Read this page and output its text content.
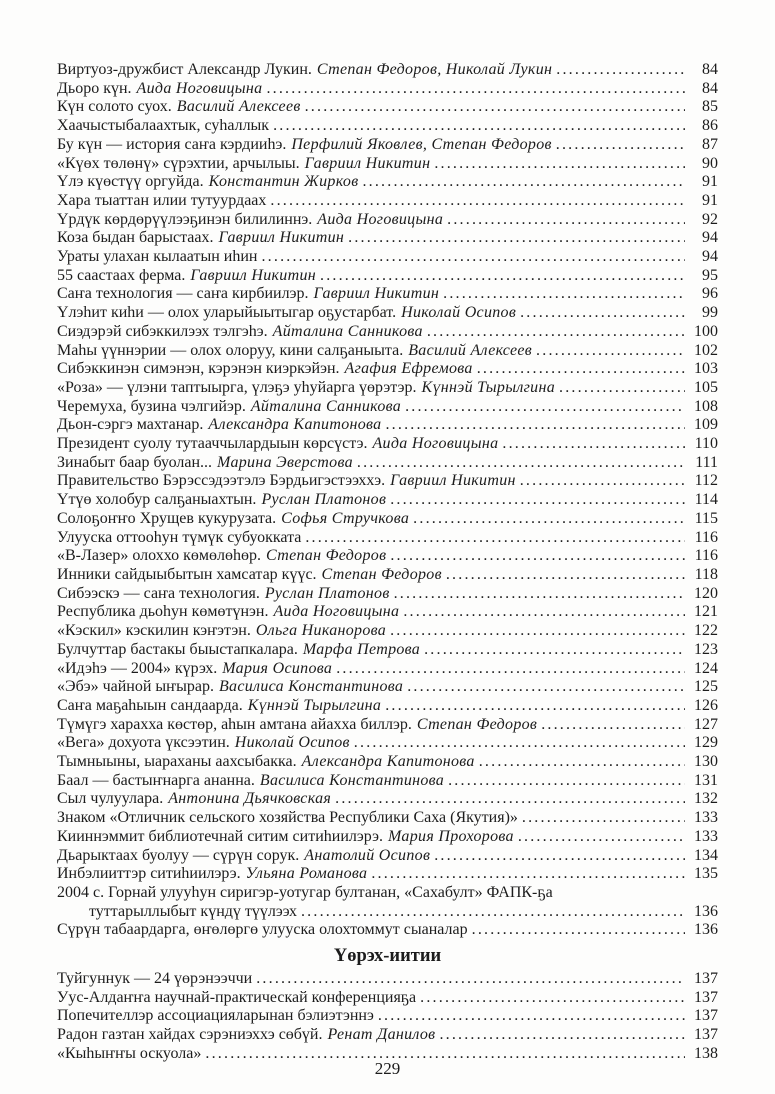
Виртуоз-дружбист Александр Лукин. Степан Федоров, Николай Лукин .....	84
Дьоро күн. Аида Ноговицына .....	84
Күн солото суох. Василий Алексеев .....	85
Хаачыстыбалаахтык, суһаллык .....	86
Бу күн — история саҥа кэрдииһэ. Перфилий Яковлев, Степан Федоров .....	87
«Күөх төлөнү» сүрэхтии, арчылыы. Гавриил Никитин .....	90
Үлэ күөстүү оргуйда. Константин Жирков .....	91
Хара тыаттан илии тутуурдаах .....	91
Үрдүк көрдөрүүлээҕинэн билилиннэ. Аида Ноговицына .....	92
Коза быдан барыстаах. Гавриил Никитин .....	94
Ураты улахан кылаатын иһин .....	94
55 саастаах ферма. Гавриил Никитин .....	95
Саҥа технология — саҥа кирбиилэр. Гавриил Никитин .....	96
Үлэһит киһи — олох уларыйыытыгар оҕустарбат. Николай Осипов .....	99
Сиэдэрэй сибэккилээх тэлгэһэ. Айталина Санникова .....	100
Маһы үүннэрии — олох олоруу, кини салҕаныыта. Василий Алексеев .....	102
Сибэккинэн симэнэн, кэрэнэн киэркэйэн. Агафия Ефремова .....	103
«Роза» — үлэни таптыырга, үлэҕэ уһуйарга үөрэтэр. Күннэй Тырылгина .....	105
Черемуха, бузина чэлгийэр. Айталина Санникова .....	108
Дьон-сэргэ махтанар. Александра Капитонова .....	109
Президент суолу тутааччылардыын көрсүстэ. Аида Ноговицына .....	110
Зинабыт баар буолан... Марина Эверстова .....	111
Правительство Бэрэссэдээтэлэ Бэрдьигэстээххэ. Гавриил Никитин .....	112
Үтүө холобур салҕаныахтын. Руслан Платонов .....	114
Солоҕоҥҥо Хрущев кукурузата. Софья Стручкова .....	115
Улууска оттооһун түмүк субуокката .....	116
«В-Лазер» олоххо көмөлөһөр. Степан Федоров .....	116
Инники сайдыыбытын хамсатар күүс. Степан Федоров .....	118
Сибээскэ — саҥа технология. Руслан Платонов .....	120
Республика дьоһун көмөтүнэн. Аида Ноговицына .....	121
«Кэскил» кэскилин кэҥэтэн. Ольга Никанорова .....	122
Булчуттар бастакы быыстапкалара. Марфа Петрова .....	123
«Идэһэ — 2004» күрэх. Мария Осипова .....	124
«Эбэ» чайной ыҥырар. Василиса Константинова .....	125
Саҥа маҕаһыын сандаарда. Күннэй Тырылгина .....	126
Түмүгэ харахха көстөр, аһын амтана айахха биллэр. Степан Федоров .....	127
«Вега» дохуота үксээтин. Николай Осипов .....	129
Тымныыны, ыараханы аахсыбакка. Александра Капитонова .....	130
Баал — бастыҥнарга ананна. Василиса Константинова .....	131
Сыл чулуулара. Антонина Дьячковская .....	132
Знаком «Отличник сельского хозяйства Республики Саха (Якутия)» .....	133
Кииннэммит библиотечнай ситим ситиһиилэрэ. Мария Прохорова .....	133
Дьарыктаах буолуу — сүрүн сорук. Анатолий Осипов .....	134
Инбэлииттэр ситиһиилэрэ. Ульяна Романова .....	135
2004 с. Горнай улууһун сиригэр-уотугар бултанан, «Сахабулт» ФАПК-ҕа
туттарыллыбыт күндү түүлээх .....	136
Сүрүн табаардарга, өҥөлөргө улууска олохтоммут сыаналар .....	136
Үөрэх-иитии
Туйгуннук — 24 үөрэнээччи .....	137
Уус-Алдаҥҥа научнай-практическай конференцияҕа .....	137
Попечителлэр ассоциацияларынан бэлиэтэннэ .....	137
Радон газтан хайдах сэрэниэххэ сөбүй. Ренат Данилов .....	137
«Кыһыҥҥы оскуола» .....	138
229
